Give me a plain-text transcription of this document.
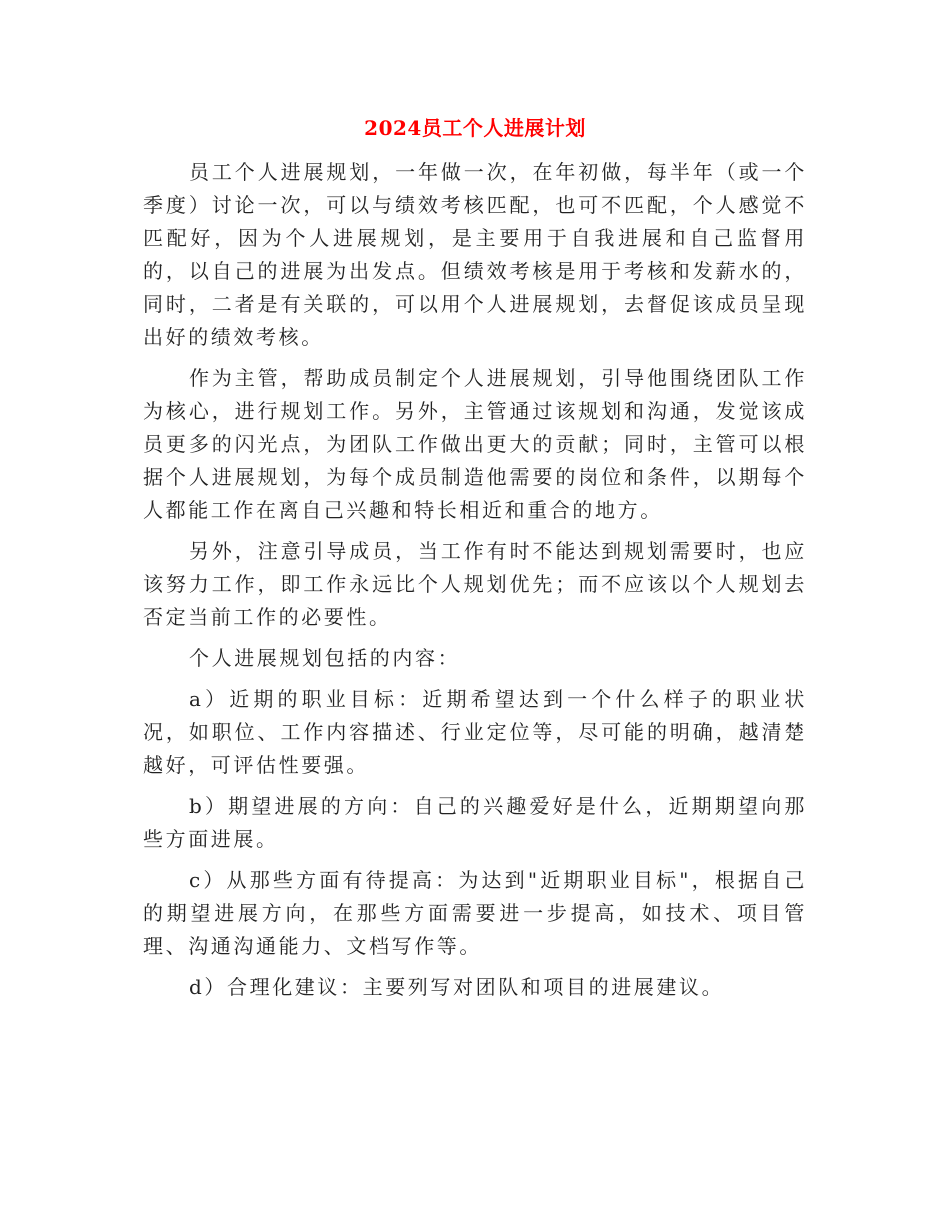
2024员工个人进展计划

员工个人进展规划，一年做一次，在年初做，每半年（或一个季度）讨论一次，可以与绩效考核匹配，也可不匹配，个人感觉不匹配好，因为个人进展规划，是主要用于自我进展和自己监督用的，以自己的进展为出发点。但绩效考核是用于考核和发薪水的，同时，二者是有关联的，可以用个人进展规划，去督促该成员呈现出好的绩效考核。

作为主管，帮助成员制定个人进展规划，引导他围绕团队工作为核心，进行规划工作。另外，主管通过该规划和沟通，发觉该成员更多的闪光点，为团队工作做出更大的贡献；同时，主管可以根据个人进展规划，为每个成员制造他需要的岗位和条件，以期每个人都能工作在离自己兴趣和特长相近和重合的地方。

另外，注意引导成员，当工作有时不能达到规划需要时，也应该努力工作，即工作永远比个人规划优先；而不应该以个人规划去否定当前工作的必要性。

个人进展规划包括的内容：

a）近期的职业目标：近期希望达到一个什么样子的职业状况，如职位、工作内容描述、行业定位等，尽可能的明确，越清楚越好，可评估性要强。

b）期望进展的方向：自己的兴趣爱好是什么，近期期望向那些方面进展。

c）从那些方面有待提高：为达到"近期职业目标"，根据自己的期望进展方向，在那些方面需要进一步提高，如技术、项目管理、沟通沟通能力、文档写作等。

d）合理化建议：主要列写对团队和项目的进展建议。
